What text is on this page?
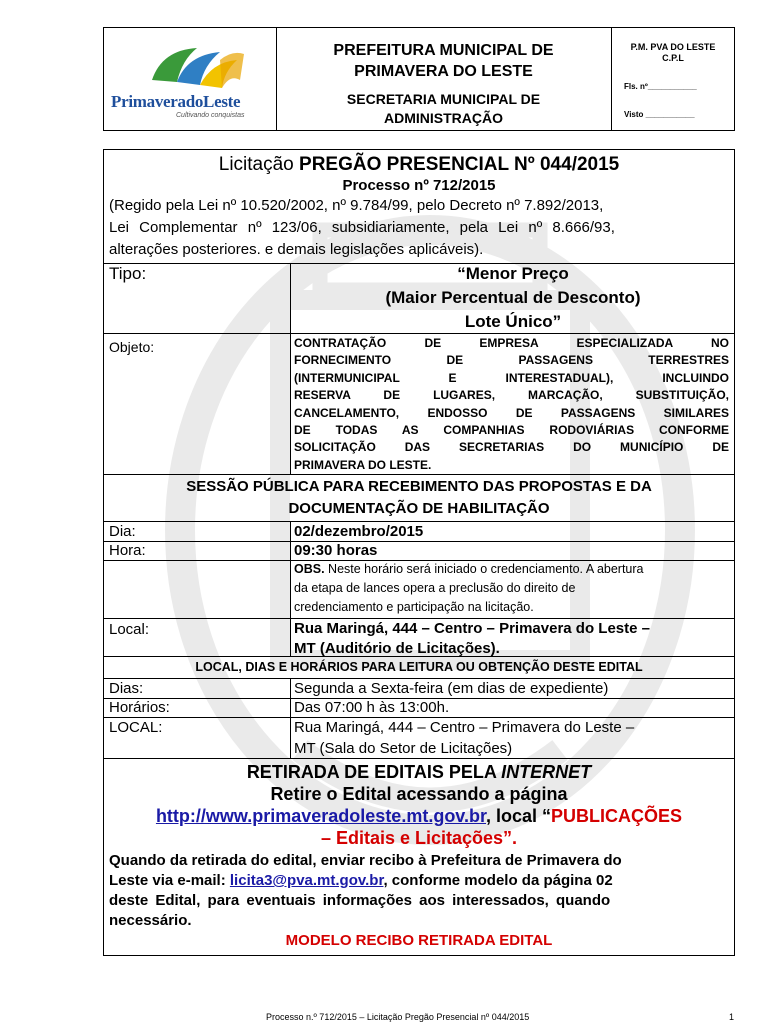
PrimaveradoLeste
Cultivando conquistas
PREFEITURA MUNICIPAL DE
PRIMAVERA DO LESTE
SECRETARIA MUNICIPAL DE
ADMINISTRAÇÃO
P.M. PVA DO LESTE
C.P.L
Fls. nº___________
Visto ___________
Licitação PREGÃO PRESENCIAL Nº 044/2015
Processo nº 712/2015
(Regido pela Lei nº 10.520/2002, nº 9.784/99, pelo Decreto nº 7.892/2013,
Lei Complementar nº 123/06, subsidiariamente, pela Lei nº 8.666/93,
alterações posteriores. e demais legislações aplicáveis).
Tipo:	“Menor Preço
(Maior Percentual de Desconto)
Lote Único”
Objeto:	CONTRATAÇÃO DE EMPRESA ESPECIALIZADA NO
FORNECIMENTO DE PASSAGENS TERRESTRES
(INTERMUNICIPAL E INTERESTADUAL), INCLUINDO
RESERVA DE LUGARES, MARCAÇÃO, SUBSTITUIÇÃO,
CANCELAMENTO, ENDOSSO DE PASSAGENS SIMILARES
DE TODAS AS COMPANHIAS RODOVIÁRIAS CONFORME
SOLICITAÇÃO DAS SECRETARIAS DO MUNICÍPIO DE
PRIMAVERA DO LESTE.
SESSÃO PÚBLICA PARA RECEBIMENTO DAS PROPOSTAS E DA
DOCUMENTAÇÃO DE HABILITAÇÃO
Dia:	02/dezembro/2015
Hora:	09:30 horas
OBS. Neste horário será iniciado o credenciamento. A abertura
da etapa de lances opera a preclusão do direito de
credenciamento e participação na licitação.
Local:	Rua Maringá, 444 – Centro – Primavera do Leste –
MT (Auditório de Licitações).
LOCAL, DIAS E HORÁRIOS PARA LEITURA OU OBTENÇÃO DESTE EDITAL
Dias:	Segunda a Sexta-feira (em dias de expediente)
Horários:	Das 07:00 h às 13:00h.
LOCAL:	Rua Maringá, 444 – Centro – Primavera do Leste –
MT (Sala do Setor de Licitações)
RETIRADA DE EDITAIS PELA INTERNET
Retire o Edital acessando a página
http://www.primaveradoleste.mt.gov.br, local “PUBLICAÇÕES
– Editais e Licitações”.
Quando da retirada do edital, enviar recibo à Prefeitura de Primavera do
Leste via e-mail: licita3@pva.mt.gov.br, conforme modelo da página 02
deste Edital, para eventuais informações aos interessados, quando
necessário.
MODELO RECIBO RETIRADA EDITAL
Processo n.º 712/2015 – Licitação Pregão Presencial nº 044/2015	1
